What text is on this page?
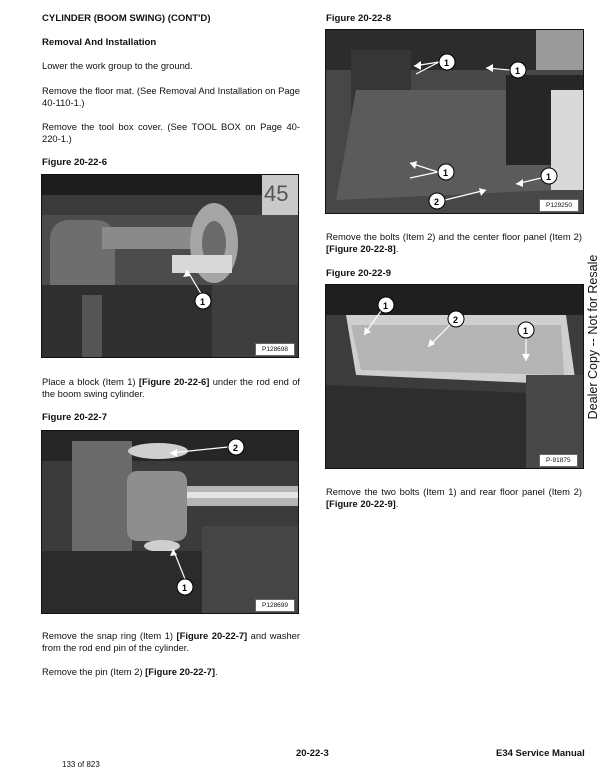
CYLINDER (BOOM SWING) (CONT'D)
Removal And Installation
Lower the work group to the ground.
Remove the floor mat. (See Removal And Installation on Page 40-110-1.)
Remove the tool box cover. (See TOOL BOX on Page 40-220-1.)
Figure 20-22-6
45
1
P128698
Place a block (Item 1) [Figure 20-22-6] under the rod end of the boom swing cylinder.
Figure 20-22-7
2
1
P128699
Remove the snap ring (Item 1) [Figure 20-22-7] and washer from the rod end pin of the cylinder.
Remove the pin (Item 2) [Figure 20-22-7].
Figure 20-22-8
1
1
1	1
2	P129250
Remove the bolts (Item 2) and the center floor panel (Item 2) [Figure 20-22-8].
Figure 20-22-9
1
2
1
P-91875
Remove the two bolts (Item 1) and rear floor panel (Item 2) [Figure 20-22-9].
Dealer Copy -- Not for Resale
20-22-3	E34 Service Manual
133 of 823
